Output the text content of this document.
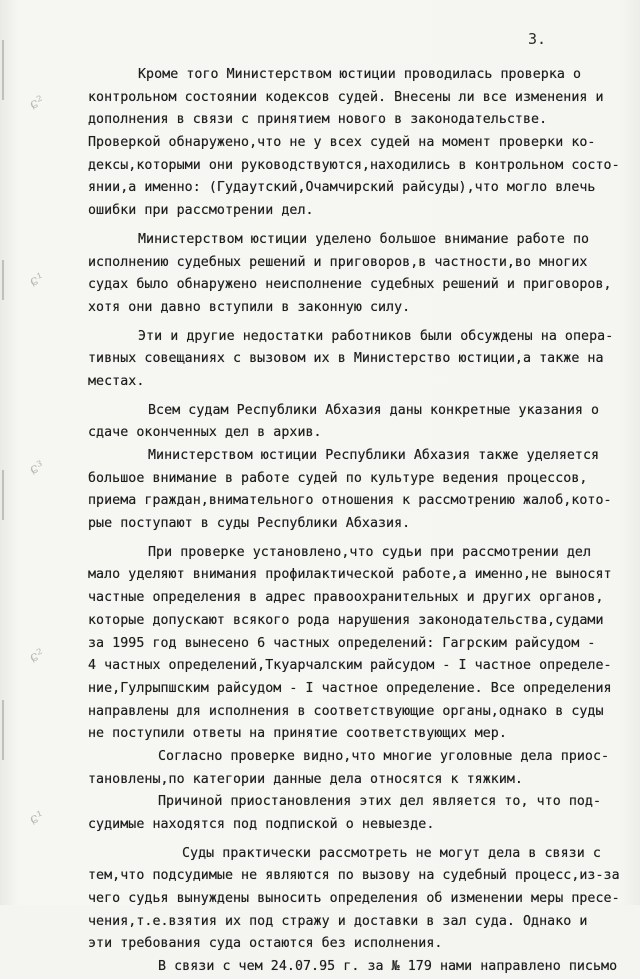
ɕ²
ɕ¹
ɕ³
ɕ²
ɕ¹
3.
Кроме того Министерством юстиции проводилась проверка о
контрольном состоянии кодексов судей. Внесены ли все изменения и
дополнения в связи с принятием нового в законодательстве.
Проверкой обнаружено,что не у всех судей на момент проверки ко-
дексы,которыми они руководствуются,находились в контрольном состо-
янии,а именно: (Гудаутский,Очамчирский райсуды),что могло влечь
ошибки при рассмотрении дел.
Министерством юстиции уделено большое внимание работе по
исполнению судебных решений и приговоров,в частности,во многих
судах было обнаружено неисполнение судебных решений и приговоров,
хотя они давно вступили в законную силу.
Эти и другие недостатки работников были обсуждены на опера-
тивных совещаниях с вызовом их в Министерство юстиции,а также на
местах.
Всем судам Республики Абхазия даны конкретные указания о
сдаче оконченных дел в архив.
Министерством юстиции Республики Абхазия также уделяется
большое внимание в работе судей по культуре ведения процессов,
приема граждан,внимательного отношения к рассмотрению жалоб,кото-
рые поступают в суды Республики Абхазия.
При проверке установлено,что судьи при рассмотрении дел
мало уделяют внимания профилактической работе,а именно,не выносят
частные определения в адрес правоохранительных и других органов,
которые допускают всякого рода нарушения законодательства,судами
за 1995 год вынесено 6 частных определений: Гагрским райсудом -
4 частных определений,Ткуарчалским райсудом - I частное определе-
ние,Гулрыпшским райсудом - I частное определение. Все определения
направлены для исполнения в соответствующие органы,однако в суды
не поступили ответы на принятие соответствующих мер.
Согласно проверке видно,что многие уголовные дела приос-
тановлены,по категории данные дела относятся к тяжким.
Причиной приостановления этих дел является то, что под-
судимые находятся под подпиской о невыезде.
Суды практически рассмотреть не могут дела в связи с
тем,что подсудимые не являются по вызову на судебный процесс,из-за
чего судья вынуждены выносить определения об изменении меры пресе-
чения,т.е.взятия их под стражу и доставки в зал суда. Однако и
эти требования суда остаются без исполнения.
В связи с чем 24.07.95 г. за № 179 нами направлено письмо
